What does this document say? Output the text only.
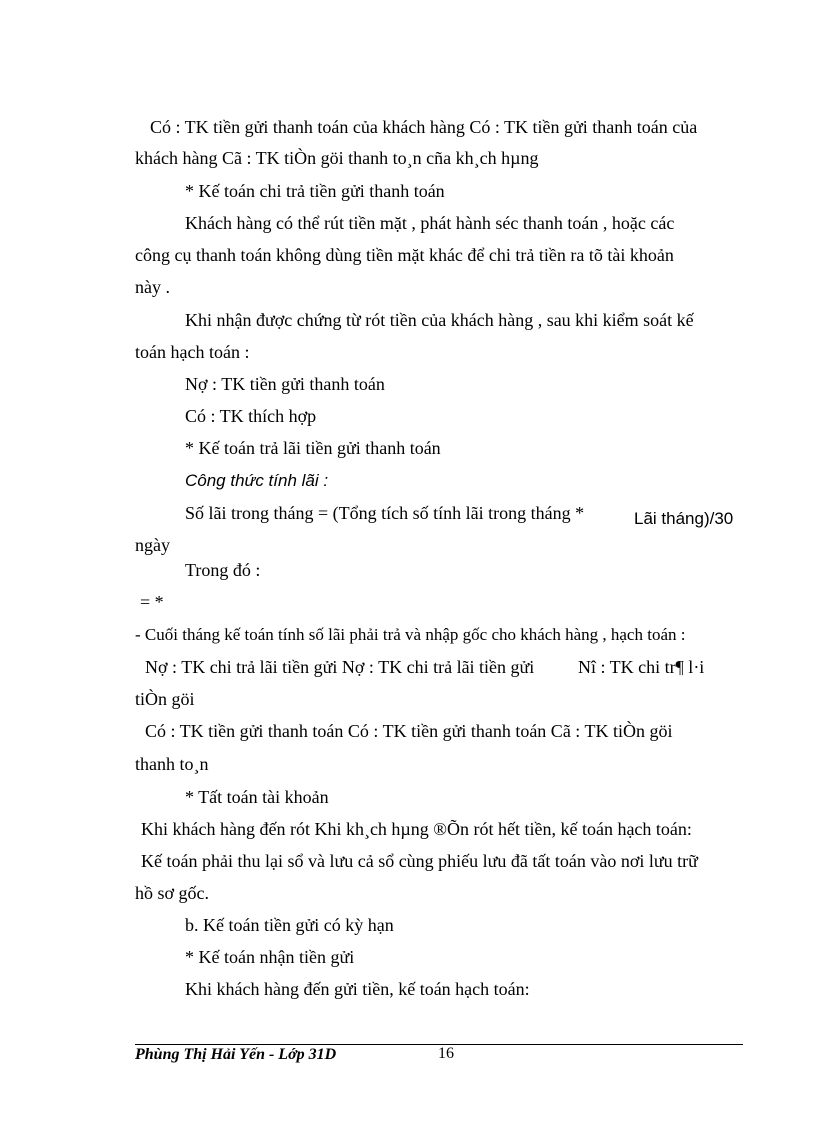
Có : TK tiền gửi thanh toán của khách hàng Có : TK tiền gửi thanh toán của
khách hàng Cã : TK tiÒn göi thanh to¸n cña kh¸ch hµng
* Kế toán chi trả tiền gửi thanh toán
Khách hàng có thể rút tiền mặt , phát hành séc thanh toán , hoặc các
công cụ thanh toán không dùng tiền mặt khác để chi trả tiền ra tõ tài khoản
này .
Khi nhận được chứng từ rót tiền của khách hàng , sau khi kiểm soát kế
toán hạch toán :
Nợ : TK tiền gửi thanh toán
Có : TK thích hợp
* Kế toán trả lãi tiền gửi thanh toán
Công thức tính lãi :
Số lãi trong tháng = (Tổng tích số tính lãi trong tháng *	Lãi tháng)/30
ngày
Trong đó :
= *
- Cuối tháng kế toán tính số lãi phải trả và nhập gốc cho khách hàng , hạch toán :
Nợ : TK chi trả lãi tiền gửi Nợ : TK chi trả lãi tiền gửi Nî : TK chi tr¶ l·i
tiÒn göi
Có : TK tiền gửi thanh toán Có : TK tiền gửi thanh toán Cã : TK tiÒn göi
thanh to¸n
* Tất toán tài khoản
Khi khách hàng đến rót Khi kh¸ch hµng ®Õn rót hết tiền, kế toán hạch toán:
Kế toán phải thu lại sổ và lưu cả sổ cùng phiếu lưu đã tất toán vào nơi lưu trữ
hồ sơ gốc.
b. Kế toán tiền gửi có kỳ hạn
* Kế toán nhận tiền gửi
Khi khách hàng đến gửi tiền, kế toán hạch toán:
Phùng Thị Hải Yến - Lớp 31D	16
